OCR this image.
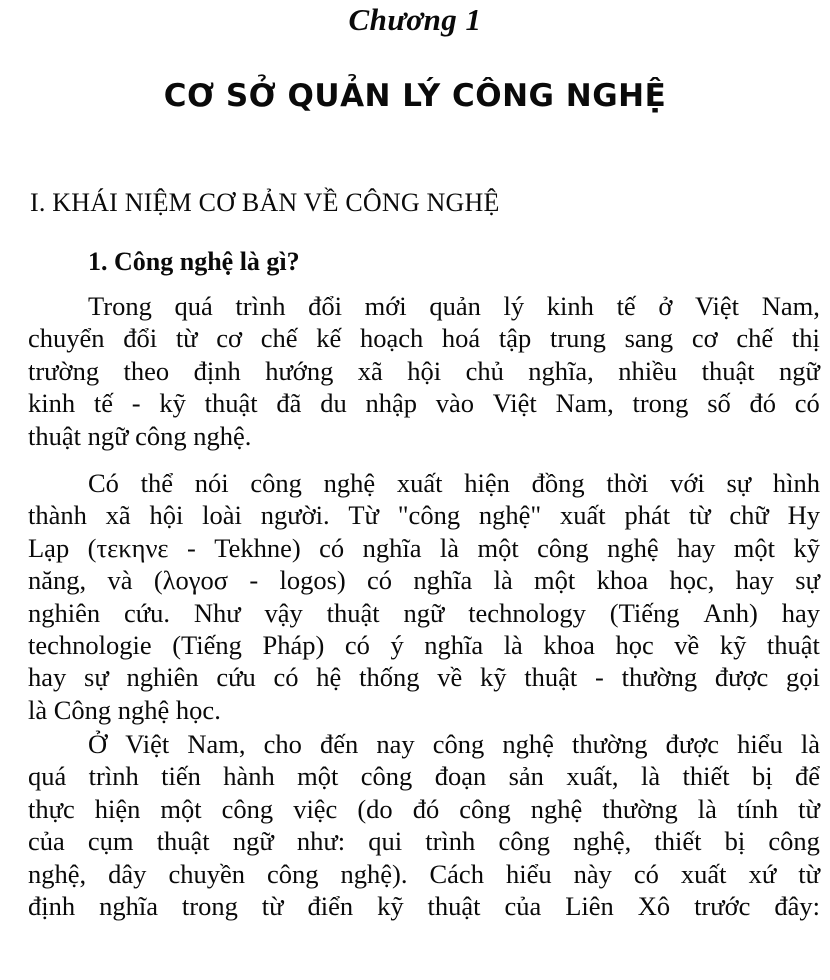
Chương 1
CƠ SỞ QUẢN LÝ CÔNG NGHỆ
I. KHÁI NIỆM CƠ BẢN VỀ CÔNG NGHỆ
1. Công nghệ là gì?
Trong quá trình đổi mới quản lý kinh tế ở Việt Nam,
chuyển đổi từ cơ chế kế hoạch hoá tập trung sang cơ chế thị
trường theo định hướng xã hội chủ nghĩa, nhiều thuật ngữ
kinh tế - kỹ thuật đã du nhập vào Việt Nam, trong số đó có
thuật ngữ công nghệ.
Có thể nói công nghệ xuất hiện đồng thời với sự hình
thành xã hội loài người. Từ "công nghệ" xuất phát từ chữ Hy
Lạp (τεκηνε - Tekhne) có nghĩa là một công nghệ hay một kỹ
năng, và (λογοσ - logos) có nghĩa là một khoa học, hay sự
nghiên cứu. Như vậy thuật ngữ technology (Tiếng Anh) hay
technologie (Tiếng Pháp) có ý nghĩa là khoa học về kỹ thuật
hay sự nghiên cứu có hệ thống về kỹ thuật - thường được gọi
là Công nghệ học.
Ở Việt Nam, cho đến nay công nghệ thường được hiểu là
quá trình tiến hành một công đoạn sản xuất, là thiết bị để
thực hiện một công việc (do đó công nghệ thường là tính từ
của cụm thuật ngữ như: qui trình công nghệ, thiết bị công
nghệ, dây chuyền công nghệ). Cách hiểu này có xuất xứ từ
định nghĩa trong từ điển kỹ thuật của Liên Xô trước đây:
